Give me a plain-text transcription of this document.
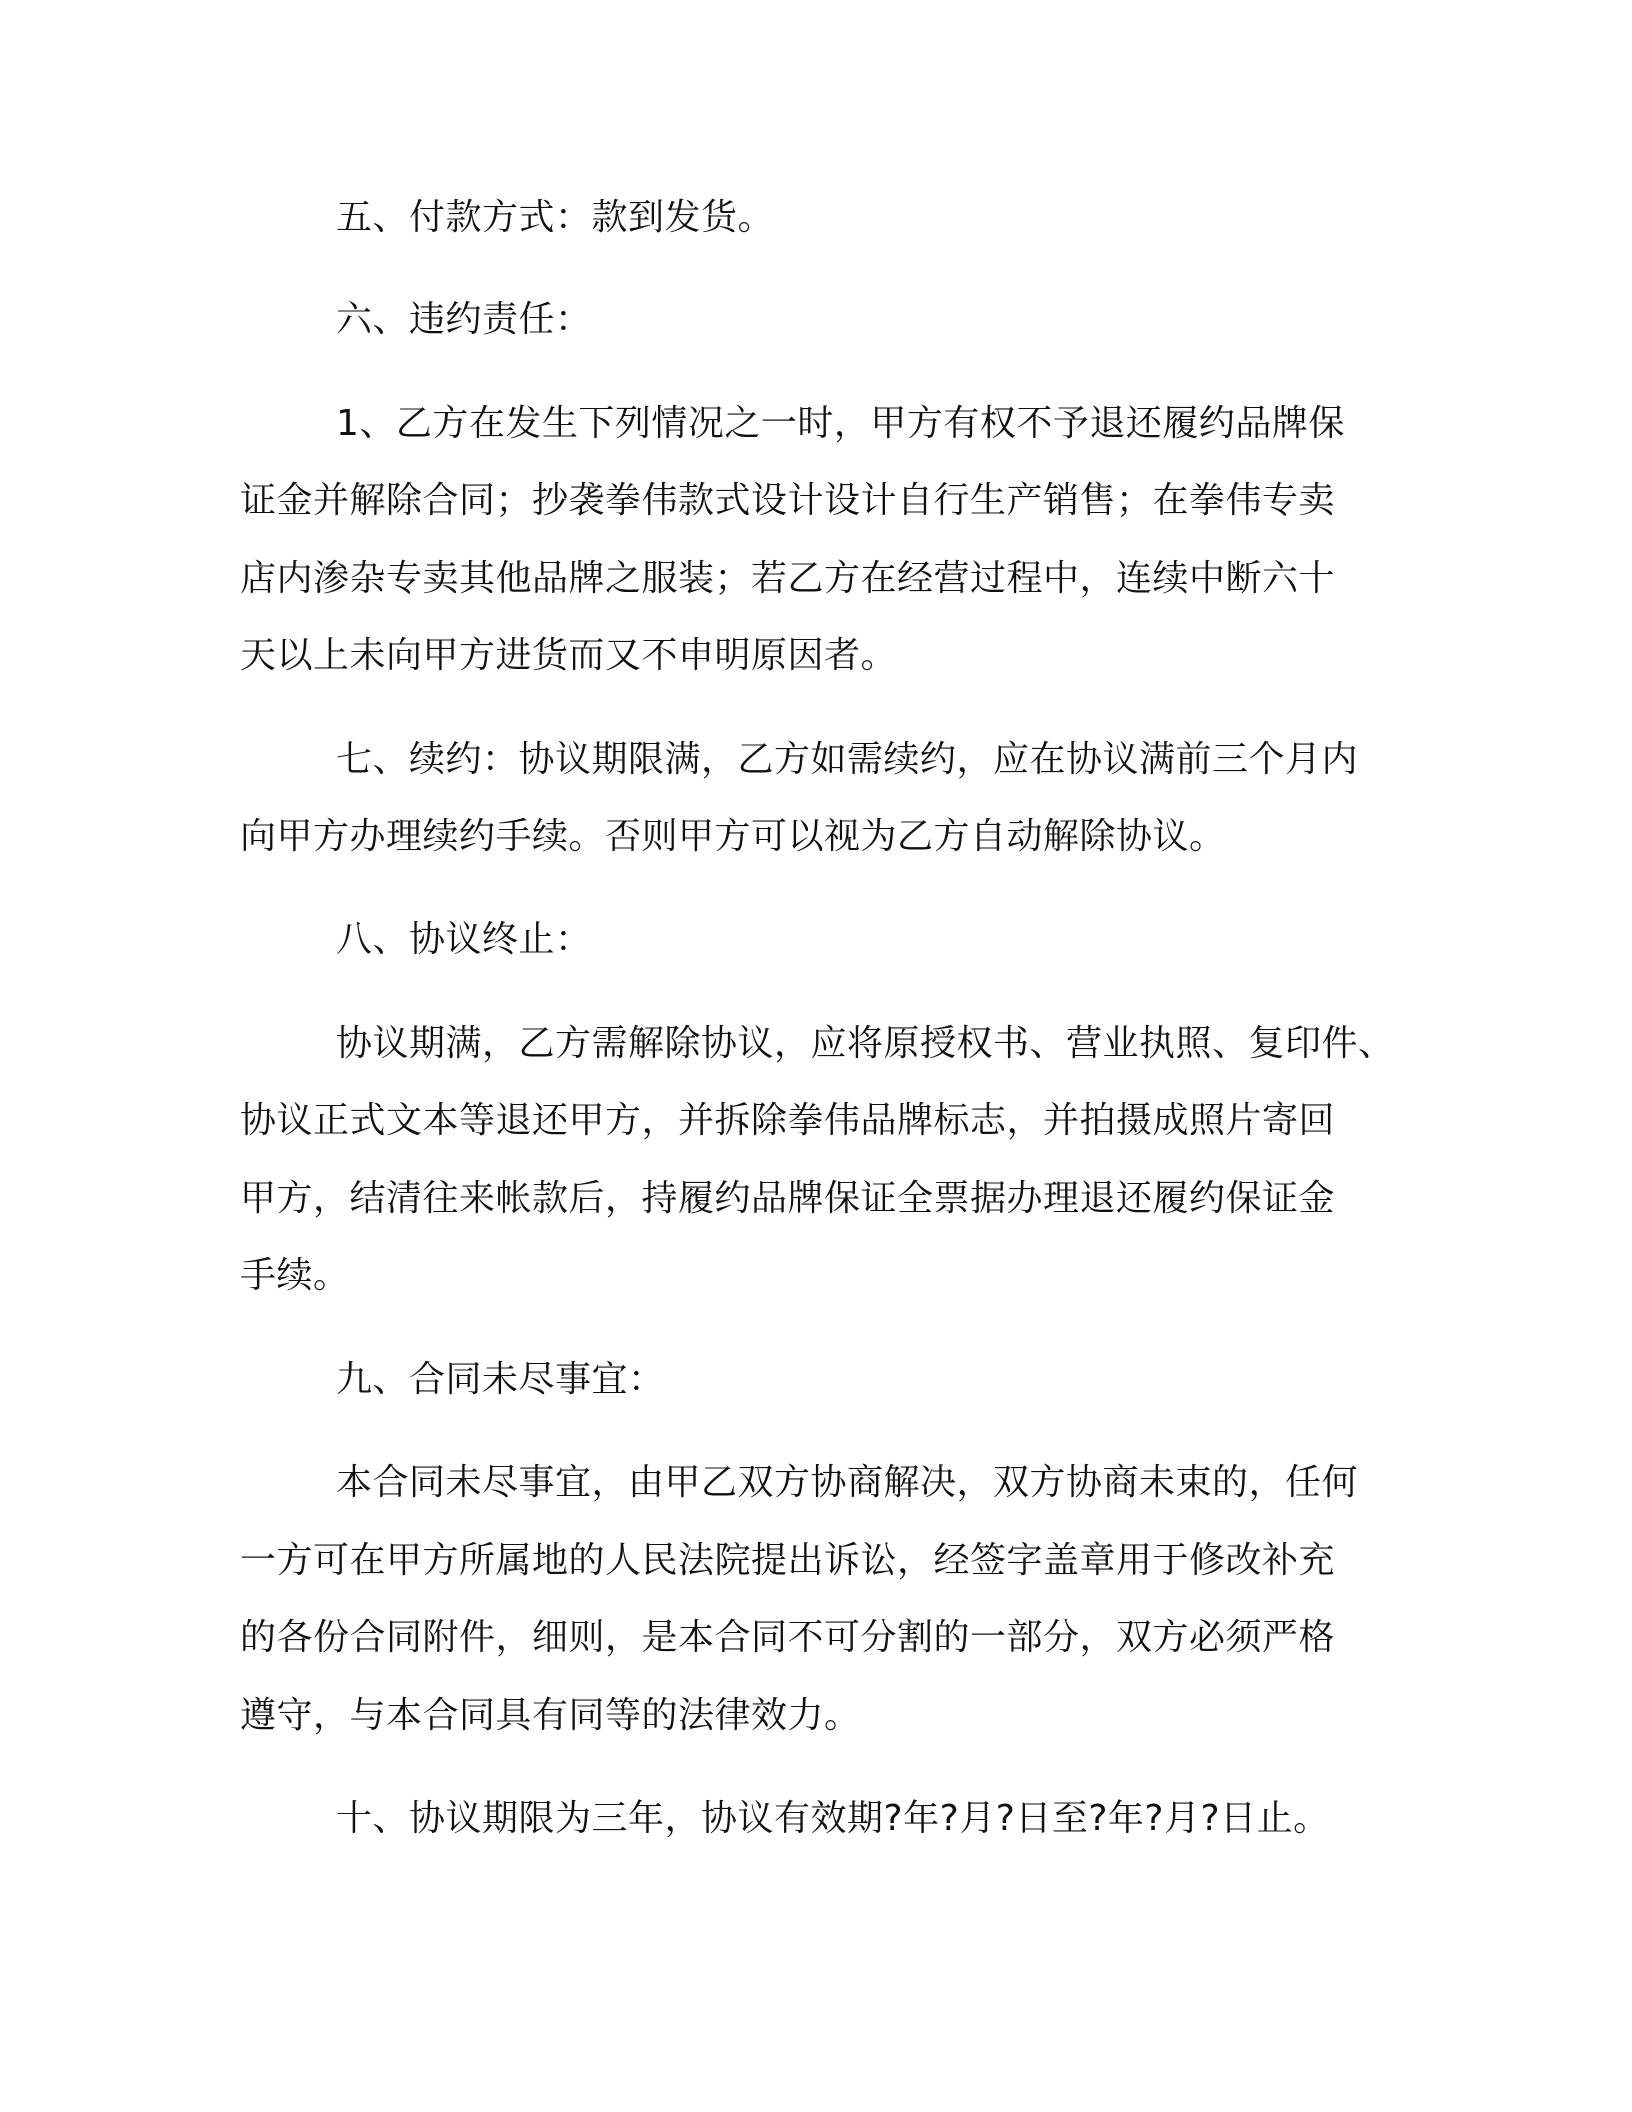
五、付款方式：款到发货。
六、违约责任：
1、乙方在发生下列情况之一时，甲方有权不予退还履约品牌保
证金并解除合同；抄袭拳伟款式设计设计自行生产销售；在拳伟专卖
店内渗杂专卖其他品牌之服装；若乙方在经营过程中，连续中断六十
天以上未向甲方进货而又不申明原因者。
七、续约：协议期限满，乙方如需续约，应在协议满前三个月内
向甲方办理续约手续。否则甲方可以视为乙方自动解除协议。
八、协议终止：
协议期满，乙方需解除协议，应将原授权书、营业执照、复印件、
协议正式文本等退还甲方，并拆除拳伟品牌标志，并拍摄成照片寄回
甲方，结清往来帐款后，持履约品牌保证全票据办理退还履约保证金
手续。
九、合同未尽事宜：
本合同未尽事宜，由甲乙双方协商解决，双方协商未束的，任何
一方可在甲方所属地的人民法院提出诉讼，经签字盖章用于修改补充
的各份合同附件，细则，是本合同不可分割的一部分，双方必须严格
遵守，与本合同具有同等的法律效力。
十、协议期限为三年，协议有效期?年?月?日至?年?月?日止。
